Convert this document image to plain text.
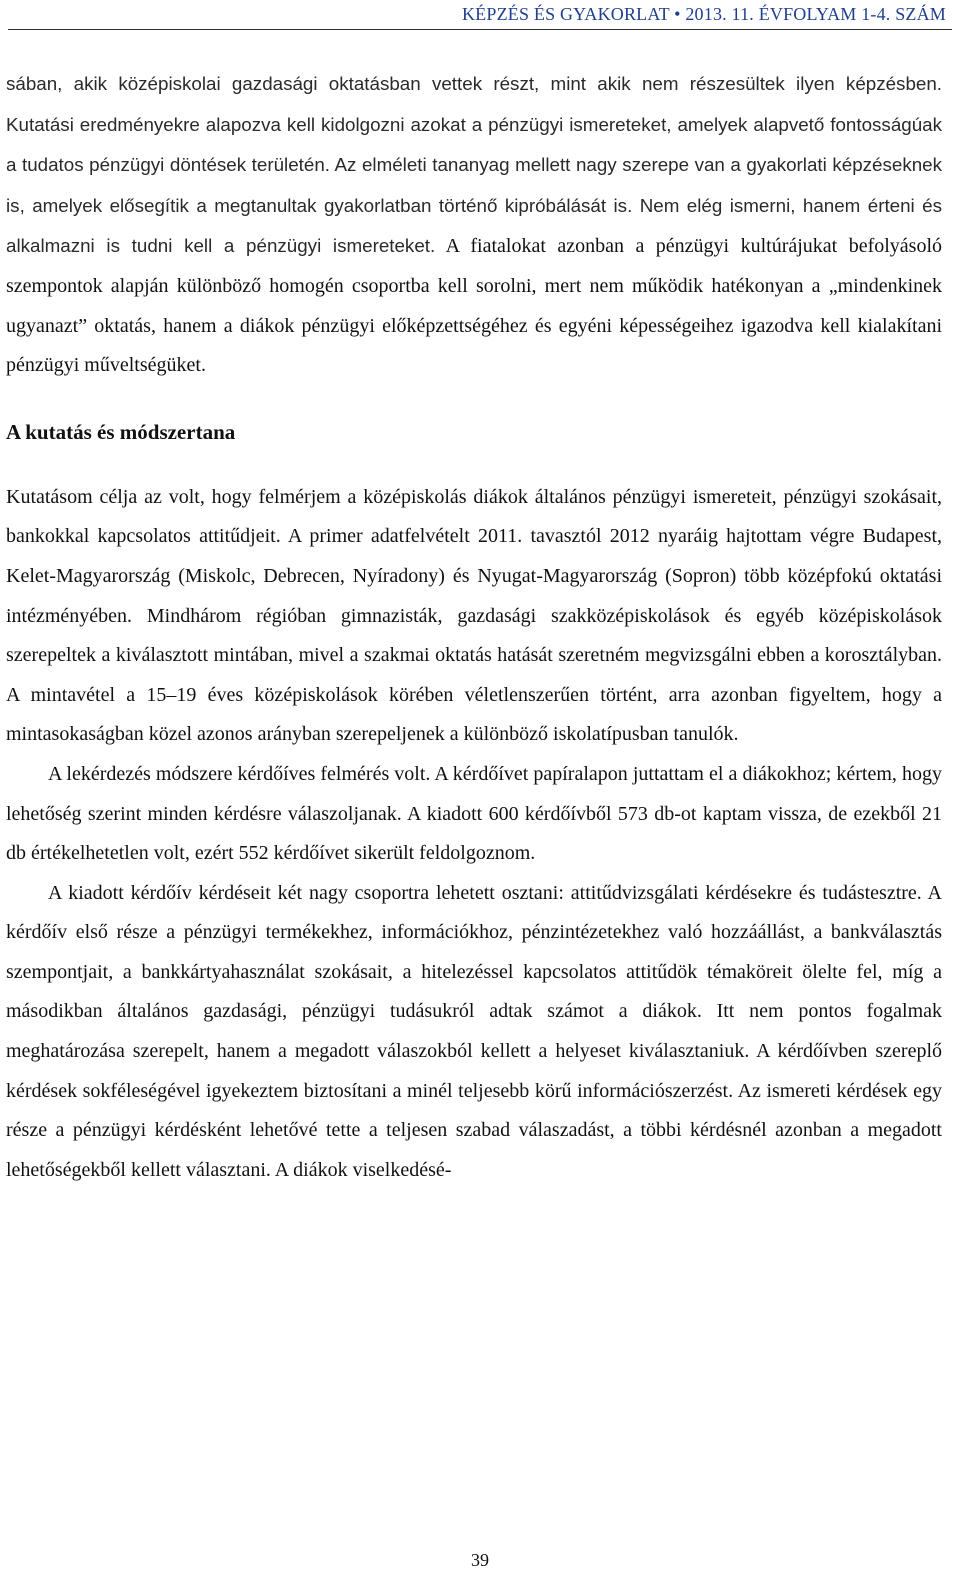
KÉPZÉS ÉS GYAKORLAT • 2013. 11. ÉVFOLYAM 1-4. SZÁM

sában, akik középiskolai gazdasági oktatásban vettek részt, mint akik nem részesültek ilyen képzésben. Kutatási eredményekre alapozva kell kidolgozni azokat a pénzügyi ismereteket, amelyek alapvető fontosságúak a tudatos pénzügyi döntések területén. Az elméleti tananyag mellett nagy szerepe van a gyakorlati képzéseknek is, amelyek elősegítik a megtanultak gyakorlatban történő kipróbálását is. Nem elég ismerni, hanem érteni és alkalmazni is tudni kell a pénzügyi ismereteket. A fiatalokat azonban a pénzügyi kultúrájukat befolyásoló szempontok alapján különböző homogén csoportba kell sorolni, mert nem működik hatékonyan a „mindenkinek ugyanazt” oktatás, hanem a diákok pénzügyi előképzettségéhez és egyéni képességeihez igazodva kell kialakítani pénzügyi műveltségüket.

A kutatás és módszertana

Kutatásom célja az volt, hogy felmérjem a középiskolás diákok általános pénzügyi ismereteit, pénzügyi szokásait, bankokkal kapcsolatos attitűdjeit. A primer adatfelvételt 2011. tavasztól 2012 nyaráig hajtottam végre Budapest, Kelet-Magyarország (Miskolc, Debrecen, Nyíradony) és Nyugat-Magyarország (Sopron) több középfokú oktatási intézményében. Mindhárom régióban gimnazisták, gazdasági szakközépiskolások és egyéb középiskolások szerepeltek a kiválasztott mintában, mivel a szakmai oktatás hatását szeretném megvizsgálni ebben a korosztályban. A mintavétel a 15–19 éves középiskolások körében véletlenszerűen történt, arra azonban figyeltem, hogy a mintasokaságban közel azonos arányban szerepeljenek a különböző iskolatípusban tanulók.

A lekérdezés módszere kérdőíves felmérés volt. A kérdőívet papíralapon juttattam el a diákokhoz; kértem, hogy lehetőség szerint minden kérdésre válaszoljanak. A kiadott 600 kérdőívből 573 db-ot kaptam vissza, de ezekből 21 db értékelhetetlen volt, ezért 552 kérdőívet sikerült feldolgoznom.

A kiadott kérdőív kérdéseit két nagy csoportra lehetett osztani: attitűdvizsgálati kérdésekre és tudástesztre. A kérdőív első része a pénzügyi termékekhez, információkhoz, pénzintézetekhez való hozzáállást, a bankválasztás szempontjait, a bankkártyahasználat szokásait, a hitelezéssel kapcsolatos attitűdök témaköreit ölelte fel, míg a másodikban általános gazdasági, pénzügyi tudásukról adtak számot a diákok. Itt nem pontos fogalmak meghatározása szerepelt, hanem a megadott válaszokból kellett a helyeset kiválasztaniuk. A kérdőívben szereplő kérdések sokféleségével igyekeztem biztosítani a minél teljesebb körű információszerzést. Az ismereti kérdések egy része a pénzügyi kérdésként lehetővé tette a teljesen szabad válaszadást, a többi kérdésnél azonban a megadott lehetőségekből kellett választani. A diákok viselkedésé-

39
